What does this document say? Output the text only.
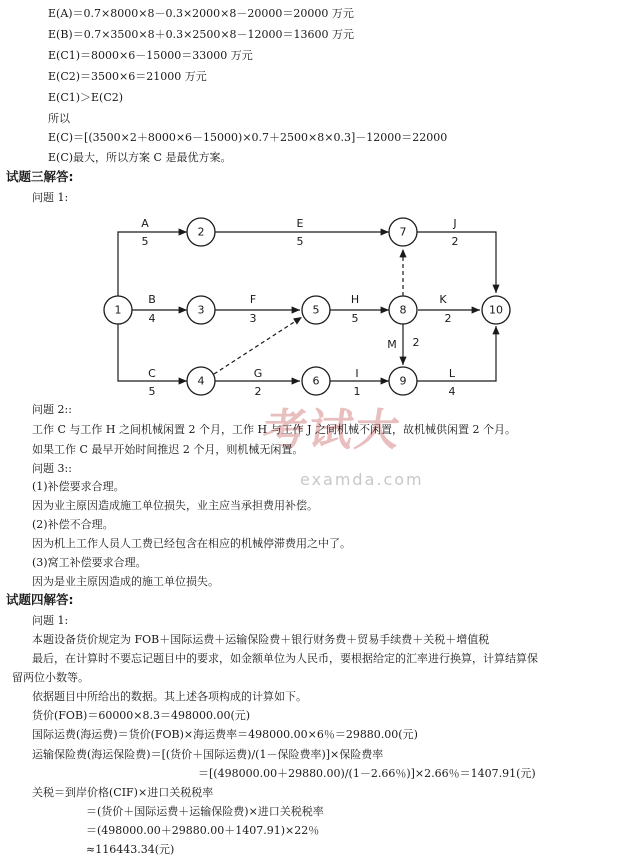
E(A)＝0.7×8000×8－0.3×2000×8－20000＝20000 万元
E(B)＝0.7×3500×8＋0.3×2500×8－12000＝13600 万元
E(C1)＝8000×6－15000＝33000 万元
E(C2)＝3500×6＝21000 万元
E(C1)＞E(C2)
所以
E(C)＝[(3500×2＋8000×6－15000)×0.7＋2500×8×0.3]－12000＝22000
E(C)最大，所以方案 C 是最优方案。
试题三解答:
问题 1:
A
5
E
5
J
2
B
4
F
3
H
5
K
2
M 2
C
5
G
2
I
1
L
4
1
2
3
4
5
6
7
8
9
10
考试大
examda.com
问题 2::
工作 C 与工作 H 之间机械闲置 2 个月，工作 H 与工作 J 之间机械不闲置，故机械供闲置 2 个月。
如果工作 C 最早开始时间推迟 2 个月，则机械无闲置。
问题 3::
(1)补偿要求合理。
因为业主原因造成施工单位损失，业主应当承担费用补偿。
(2)补偿不合理。
因为机上工作人员人工费已经包含在相应的机械停滞费用之中了。
(3)窝工补偿要求合理。
因为是业主原因造成的施工单位损失。
试题四解答:
问题 1:
本题设备货价规定为 FOB＋国际运费＋运输保险费＋银行财务费＋贸易手续费＋关税＋增值税
最后，在计算时不要忘记题目中的要求，如金额单位为人民币，要根据给定的汇率进行换算，计算结算保
留两位小数等。
依据题目中所给出的数据。其上述各项构成的计算如下。
货价(FOB)＝60000×8.3＝498000.00(元)
国际运费(海运费)＝货价(FOB)×海运费率＝498000.00×6％＝29880.00(元)
运输保险费(海运保险费)＝[(货价＋国际运费)/(1－保险费率)]×保险费率
＝[(498000.00＋29880.00)/(1－2.66％)]×2.66％＝1407.91(元)
关税＝到岸价格(CIF)×进口关税税率
＝(货价＋国际运费＋运输保险费)×进口关税税率
＝(498000.00＋29880.00＋1407.91)×22％
≈116443.34(元)
